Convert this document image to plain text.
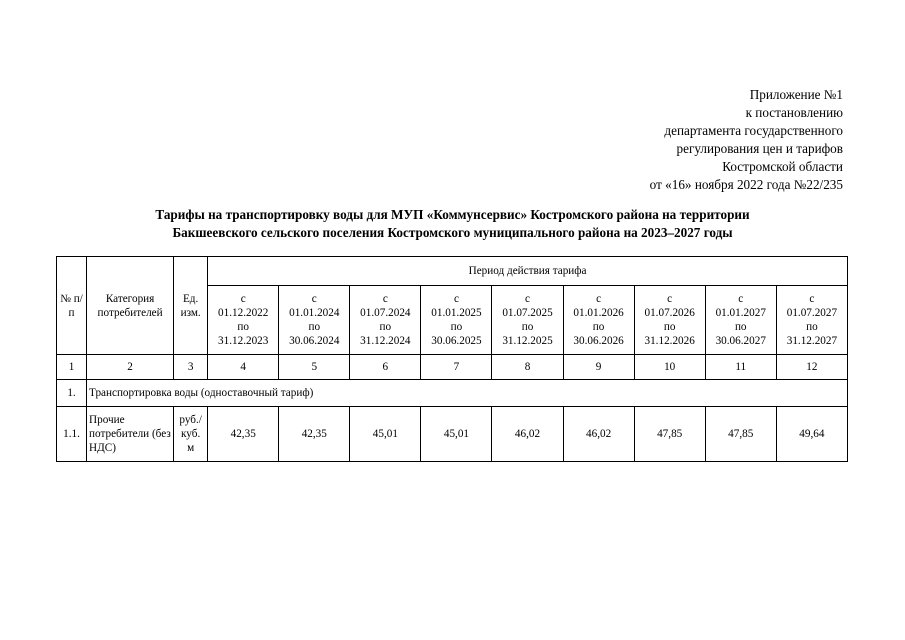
Приложение №1
к постановлению
департамента государственного
регулирования цен и тарифов
Костромской области
от «16» ноября 2022 года №22/235
Тарифы на транспортировку воды для МУП «Коммунсервис» Костромского района на территории
Бакшеевского сельского поселения Костромского муниципального района на 2023–2027 годы
№ п/п	Категория потребителей	Ед. изм.	Период действия тарифа								

			с
01.12.2022
по
31.12.2023	с
01.01.2024
по
30.06.2024	с
01.07.2024
по
31.12.2024	с
01.01.2025
по
30.06.2025	с
01.07.2025
по
31.12.2025	с
01.01.2026
по
30.06.2026	с
01.07.2026
по
31.12.2026	с
01.01.2027
по
30.06.2027	с
01.07.2027
по
31.12.2027

1	2	3	4	5	6	7	8	9	10	11	12
1.	Транспортировка воды (одноставочный тариф)										
1.1.	Прочие потребители (без НДС)	руб./ куб. м	42,35	42,35	45,01	45,01	46,02	46,02	47,85	47,85	49,64
